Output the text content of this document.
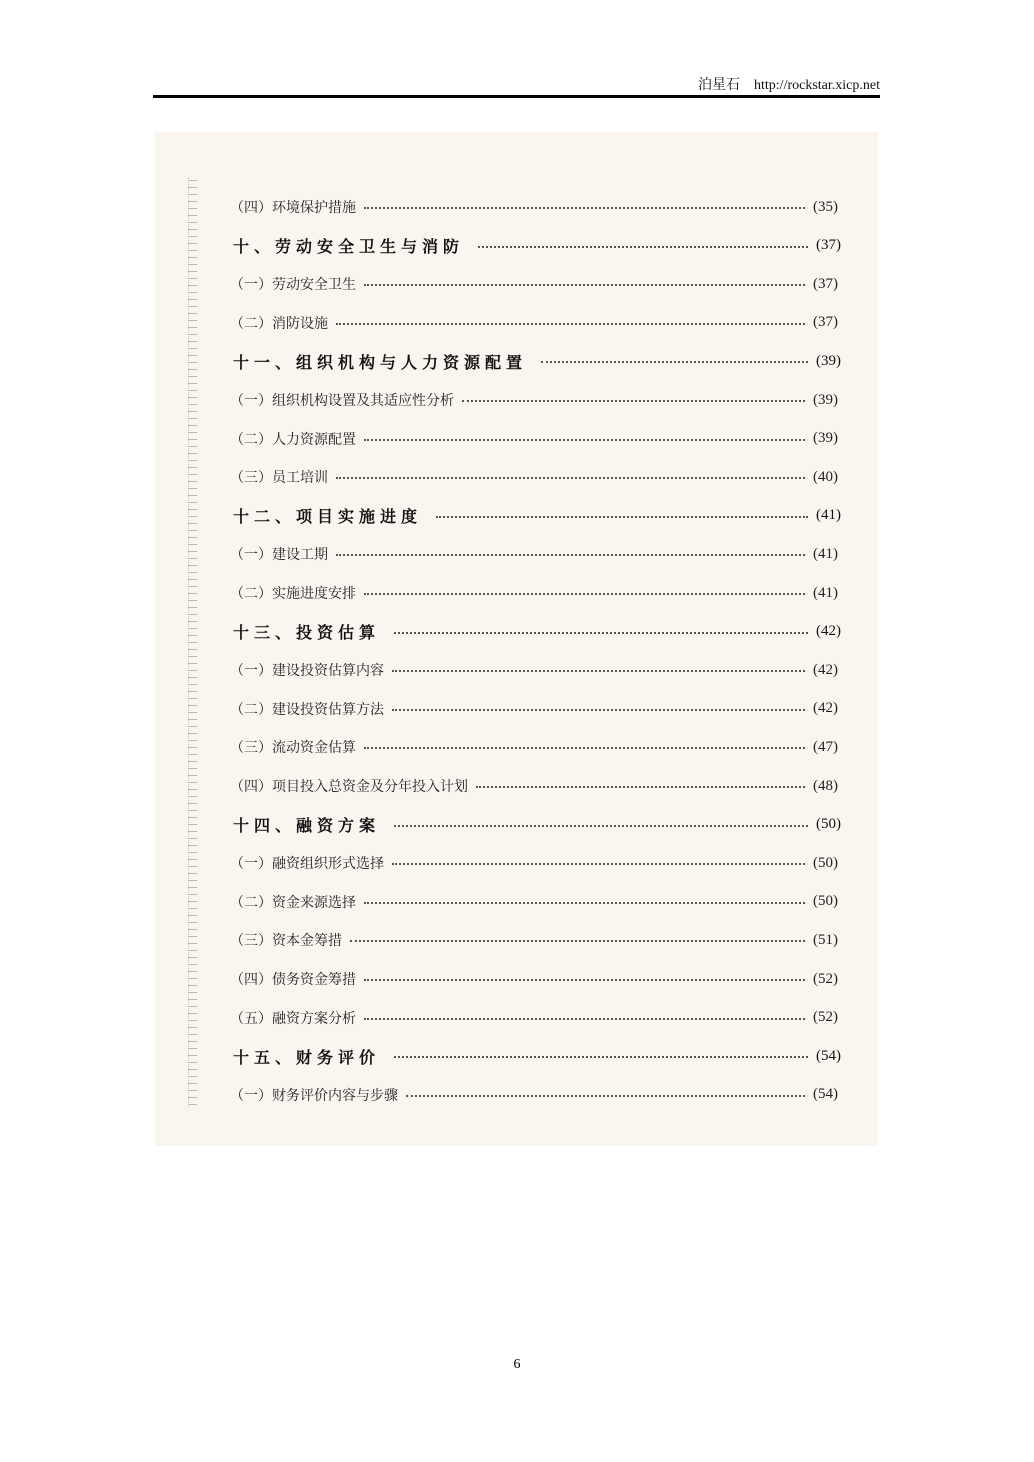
泊星石 http://rockstar.xicp.net
（四）环境保护措施	(35)
十、劳动安全卫生与消防	(37)
（一）劳动安全卫生	(37)
（二）消防设施	(37)
十一、组织机构与人力资源配置	(39)
（一）组织机构设置及其适应性分析	(39)
（二）人力资源配置	(39)
（三）员工培训	(40)
十二、项目实施进度	(41)
（一）建设工期	(41)
（二）实施进度安排	(41)
十三、投资估算	(42)
（一）建设投资估算内容	(42)
（二）建设投资估算方法	(42)
（三）流动资金估算	(47)
（四）项目投入总资金及分年投入计划	(48)
十四、融资方案	(50)
（一）融资组织形式选择	(50)
（二）资金来源选择	(50)
（三）资本金筹措	(51)
（四）债务资金筹措	(52)
（五）融资方案分析	(52)
十五、财务评价	(54)
（一）财务评价内容与步骤	(54)
6
